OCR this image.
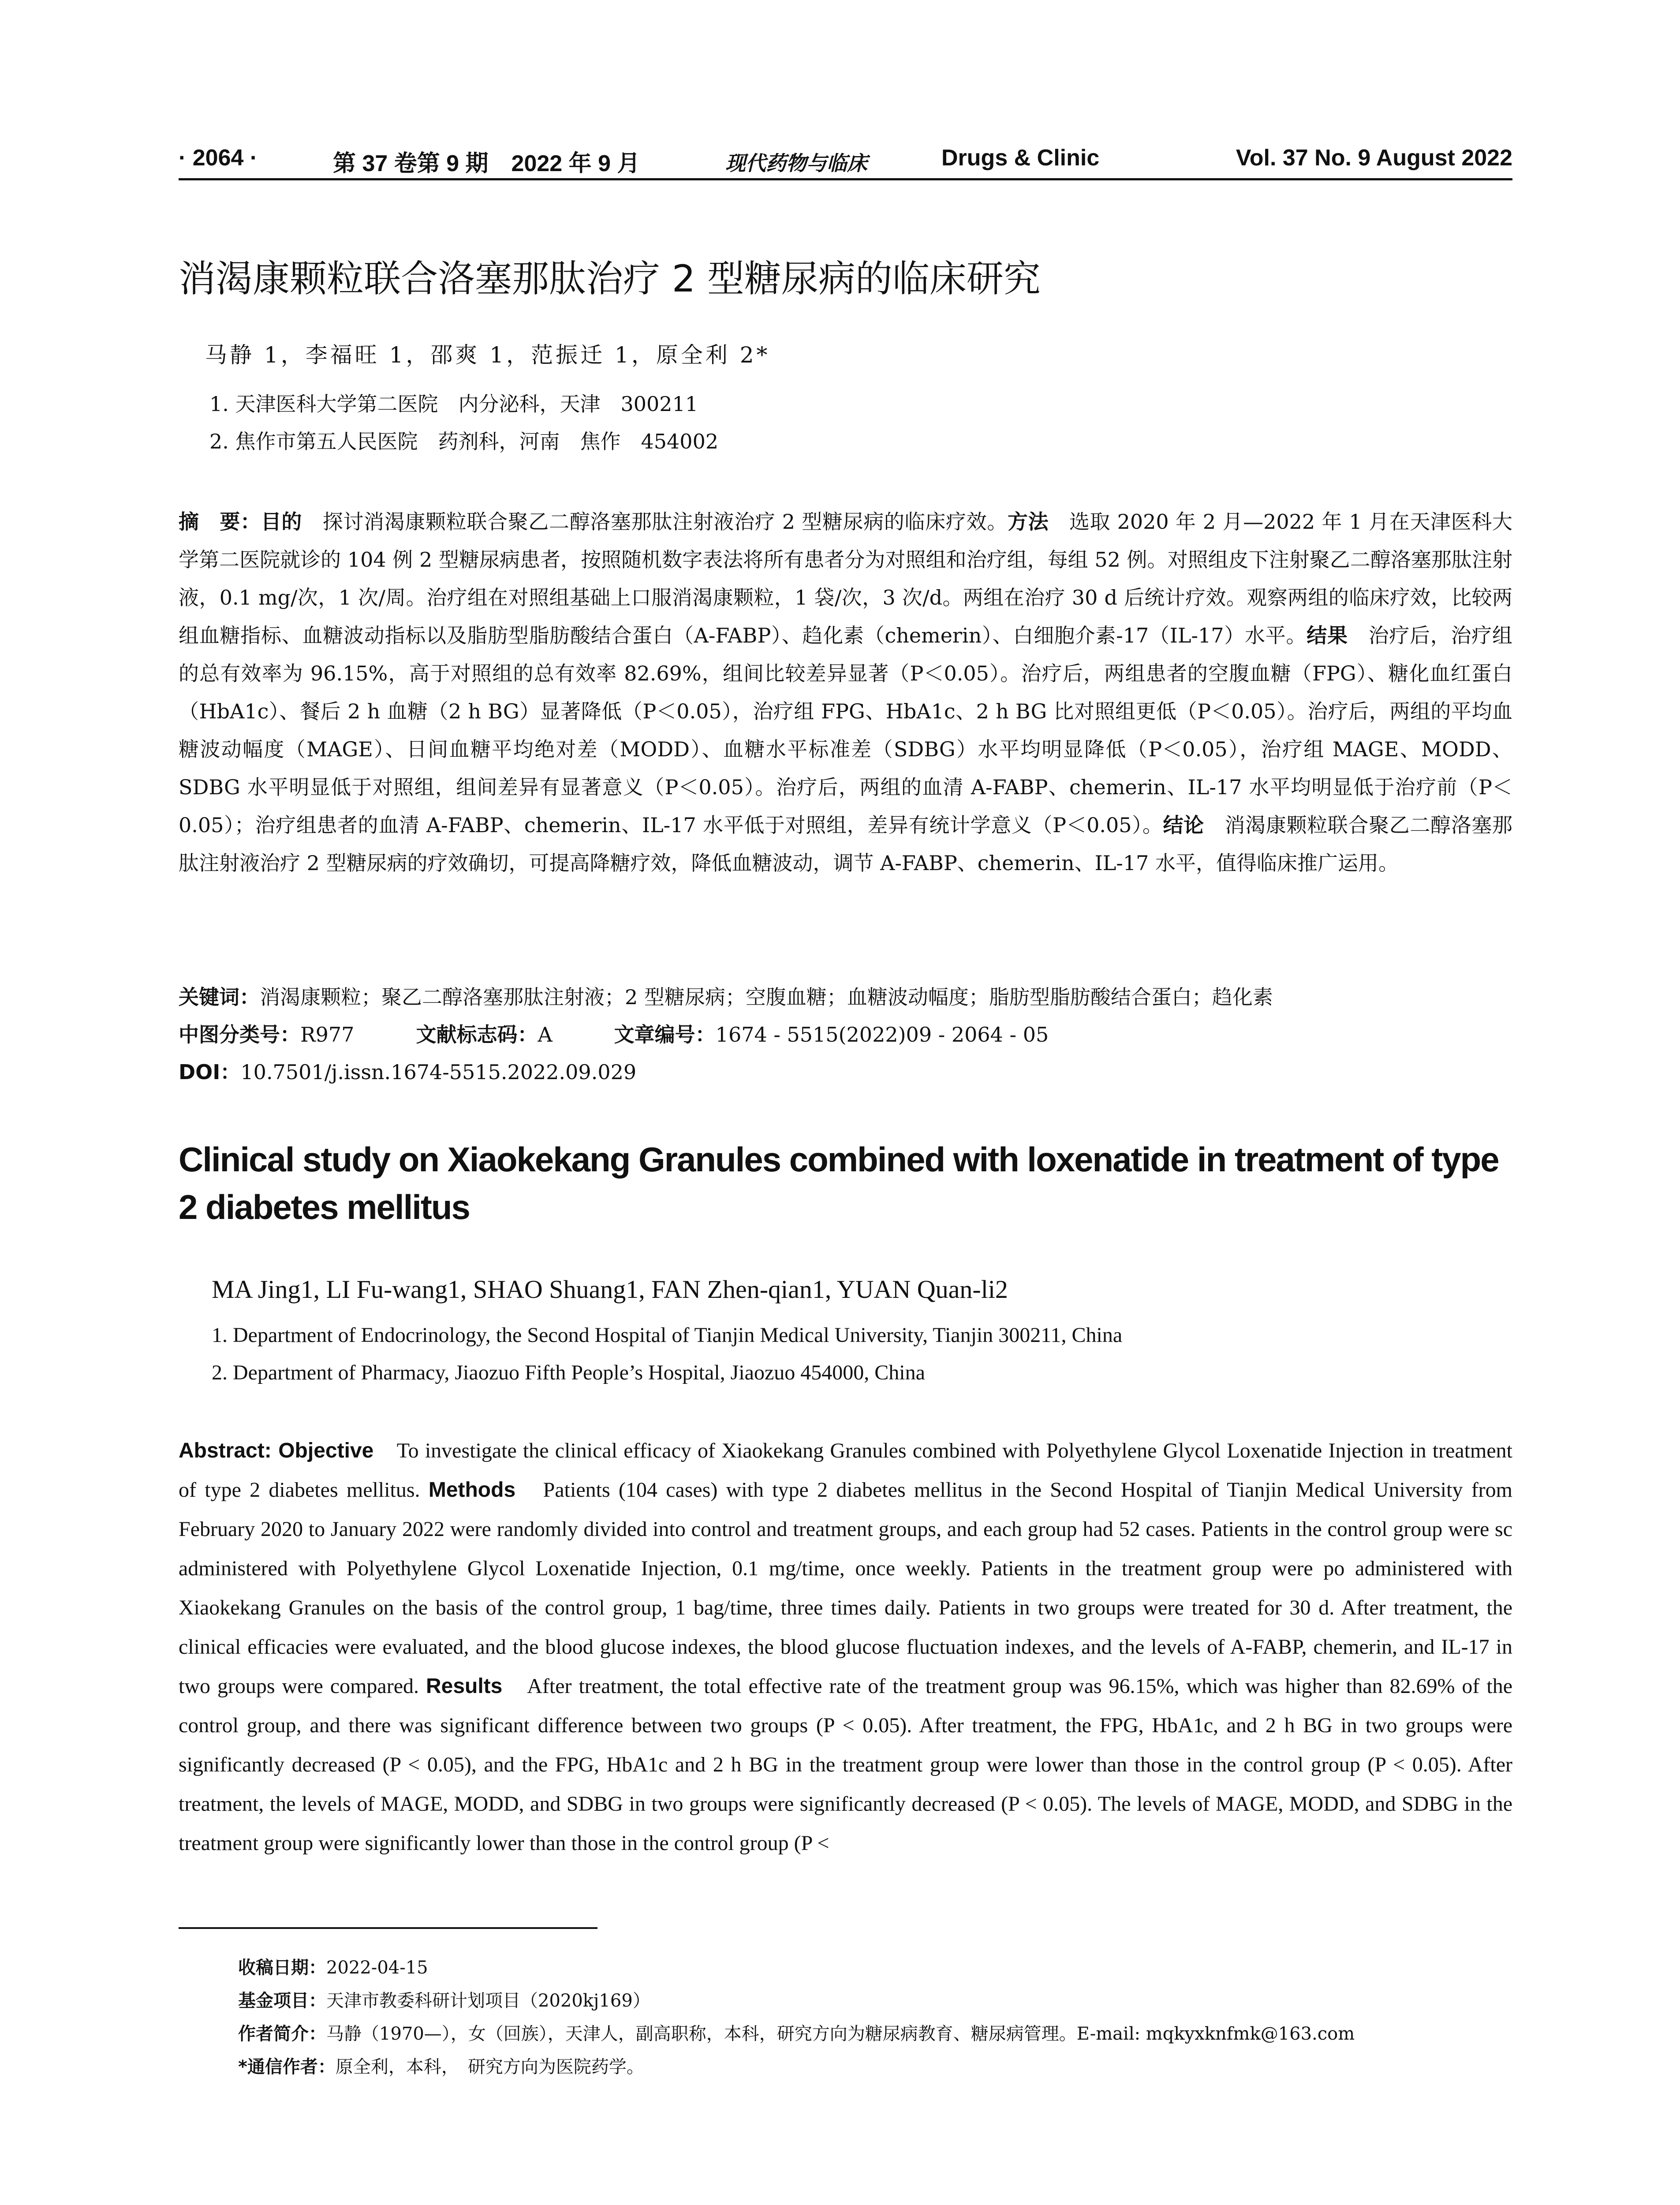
· 2064 ·	第 37 卷第 9 期　2022 年 9 月	现代药物与临床	Drugs & Clinic	Vol. 37 No. 9 August 2022
消渴康颗粒联合洛塞那肽治疗 2 型糖尿病的临床研究
马静 1，李福旺 1，邵爽 1，范振迁 1，原全利 2*
1. 天津医科大学第二医院　内分泌科，天津　300211
2. 焦作市第五人民医院　药剂科，河南　焦作　454002
摘　要：目的　探讨消渴康颗粒联合聚乙二醇洛塞那肽注射液治疗 2 型糖尿病的临床疗效。方法　选取 2020 年 2 月—2022 年 1 月在天津医科大学第二医院就诊的 104 例 2 型糖尿病患者，按照随机数字表法将所有患者分为对照组和治疗组，每组 52 例。对照组皮下注射聚乙二醇洛塞那肽注射液，0.1 mg/次，1 次/周。治疗组在对照组基础上口服消渴康颗粒，1 袋/次，3 次/d。两组在治疗 30 d 后统计疗效。观察两组的临床疗效，比较两组血糖指标、血糖波动指标以及脂肪型脂肪酸结合蛋白（A-FABP）、趋化素（chemerin）、白细胞介素-17（IL-17）水平。结果　治疗后，治疗组的总有效率为 96.15%，高于对照组的总有效率 82.69%，组间比较差异显著（P＜0.05）。治疗后，两组患者的空腹血糖（FPG）、糖化血红蛋白（HbA1c）、餐后 2 h 血糖（2 h BG）显著降低（P＜0.05），治疗组 FPG、HbA1c、2 h BG 比对照组更低（P＜0.05）。治疗后，两组的平均血糖波动幅度（MAGE）、日间血糖平均绝对差（MODD）、血糖水平标准差（SDBG）水平均明显降低（P＜0.05），治疗组 MAGE、MODD、SDBG 水平明显低于对照组，组间差异有显著意义（P＜0.05）。治疗后，两组的血清 A-FABP、chemerin、IL-17 水平均明显低于治疗前（P＜0.05）；治疗组患者的血清 A-FABP、chemerin、IL-17 水平低于对照组，差异有统计学意义（P＜0.05）。结论　消渴康颗粒联合聚乙二醇洛塞那肽注射液治疗 2 型糖尿病的疗效确切，可提高降糖疗效，降低血糖波动，调节 A-FABP、chemerin、IL-17 水平，值得临床推广运用。
关键词：消渴康颗粒；聚乙二醇洛塞那肽注射液；2 型糖尿病；空腹血糖；血糖波动幅度；脂肪型脂肪酸结合蛋白；趋化素
中图分类号：R977	文献标志码：A	文章编号：1674 - 5515(2022)09 - 2064 - 05
DOI：10.7501/j.issn.1674-5515.2022.09.029
Clinical study on Xiaokekang Granules combined with loxenatide in treatment of type 2 diabetes mellitus
MA Jing1, LI Fu-wang1, SHAO Shuang1, FAN Zhen-qian1, YUAN Quan-li2
1. Department of Endocrinology, the Second Hospital of Tianjin Medical University, Tianjin 300211, China
2. Department of Pharmacy, Jiaozuo Fifth People’s Hospital, Jiaozuo 454000, China
Abstract: Objective　To investigate the clinical efficacy of Xiaokekang Granules combined with Polyethylene Glycol Loxenatide Injection in treatment of type 2 diabetes mellitus. Methods　Patients (104 cases) with type 2 diabetes mellitus in the Second Hospital of Tianjin Medical University from February 2020 to January 2022 were randomly divided into control and treatment groups, and each group had 52 cases. Patients in the control group were sc administered with Polyethylene Glycol Loxenatide Injection, 0.1 mg/time, once weekly. Patients in the treatment group were po administered with Xiaokekang Granules on the basis of the control group, 1 bag/time, three times daily. Patients in two groups were treated for 30 d. After treatment, the clinical efficacies were evaluated, and the blood glucose indexes, the blood glucose fluctuation indexes, and the levels of A-FABP, chemerin, and IL-17 in two groups were compared. Results　After treatment, the total effective rate of the treatment group was 96.15%, which was higher than 82.69% of the control group, and there was significant difference between two groups (P < 0.05). After treatment, the FPG, HbA1c, and 2 h BG in two groups were significantly decreased (P < 0.05), and the FPG, HbA1c and 2 h BG in the treatment group were lower than those in the control group (P < 0.05). After treatment, the levels of MAGE, MODD, and SDBG in two groups were significantly decreased (P < 0.05). The levels of MAGE, MODD, and SDBG in the treatment group were significantly lower than those in the control group (P <
收稿日期：2022-04-15
基金项目：天津市教委科研计划项目（2020kj169）
作者简介：马静（1970—），女（回族），天津人，副高职称，本科，研究方向为糖尿病教育、糖尿病管理。E-mail: mqkyxknfmk@163.com
*通信作者：原全利，本科，　研究方向为医院药学。
